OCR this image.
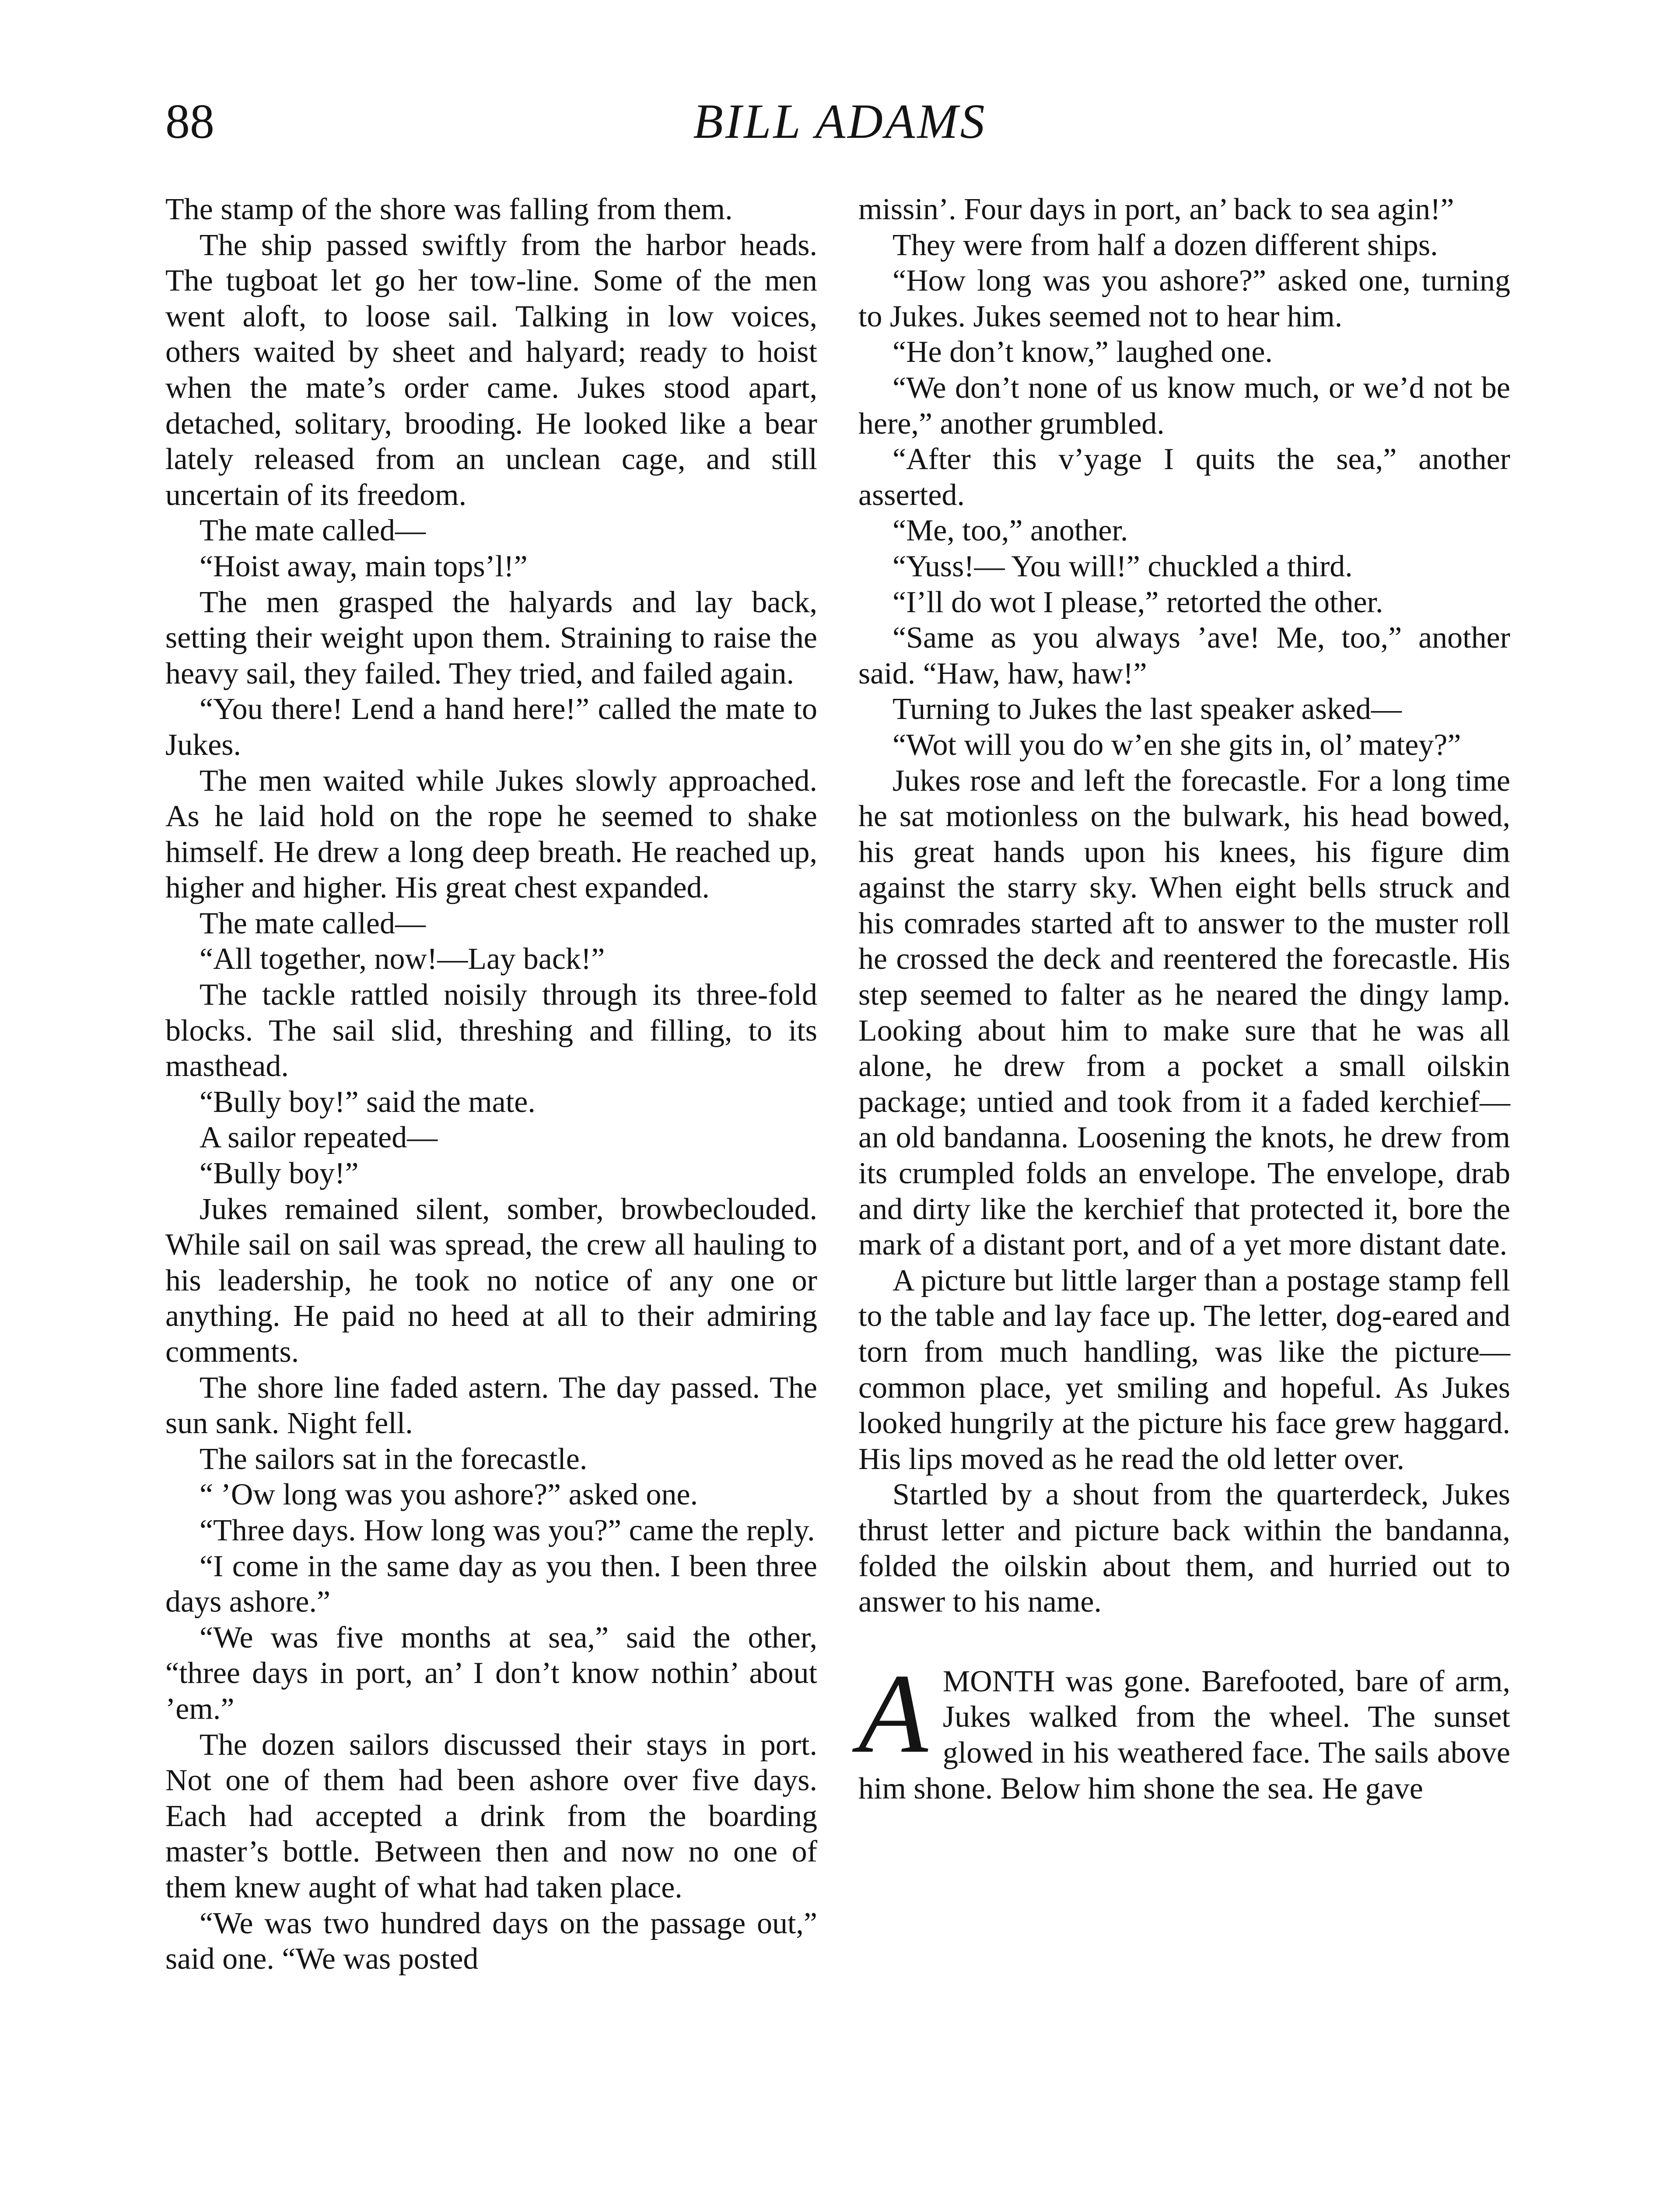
88	BILL ADAMS

The stamp of the shore was falling from them.

The ship passed swiftly from the harbor heads. The tugboat let go her tow-line. Some of the men went aloft, to loose sail. Talking in low voices, others waited by sheet and halyard; ready to hoist when the mate’s order came. Jukes stood apart, detached, solitary, brooding. He looked like a bear lately released from an unclean cage, and still uncertain of its freedom.

The mate called—

“Hoist away, main tops’l!”

The men grasped the halyards and lay back, setting their weight upon them. Straining to raise the heavy sail, they failed. They tried, and failed again.

“You there! Lend a hand here!” called the mate to Jukes.

The men waited while Jukes slowly approached. As he laid hold on the rope he seemed to shake himself. He drew a long deep breath. He reached up, higher and higher. His great chest expanded.

The mate called—

“All together, now!—Lay back!”

The tackle rattled noisily through its three-fold blocks. The sail slid, threshing and filling, to its masthead.

“Bully boy!” said the mate.

A sailor repeated—

“Bully boy!”

Jukes remained silent, somber, browbeclouded. While sail on sail was spread, the crew all hauling to his leadership, he took no notice of any one or anything. He paid no heed at all to their admiring comments.

The shore line faded astern. The day passed. The sun sank. Night fell.

The sailors sat in the forecastle.

“ ’Ow long was you ashore?” asked one.

“Three days. How long was you?” came the reply.

“I come in the same day as you then. I been three days ashore.”

“We was five months at sea,” said the other, “three days in port, an’ I don’t know nothin’ about ’em.”

The dozen sailors discussed their stays in port. Not one of them had been ashore over five days. Each had accepted a drink from the boarding master’s bottle. Between then and now no one of them knew aught of what had taken place.

“We was two hundred days on the passage out,” said one. “We was posted

missin’. Four days in port, an’ back to sea agin!”

They were from half a dozen different ships.

“How long was you ashore?” asked one, turning to Jukes. Jukes seemed not to hear him.

“He don’t know,” laughed one.

“We don’t none of us know much, or we’d not be here,” another grumbled.

“After this v’yage I quits the sea,” another asserted.

“Me, too,” another.

“Yuss!— You will!” chuckled a third.

“I’ll do wot I please,” retorted the other.

“Same as you always ’ave! Me, too,” another said. “Haw, haw, haw!”

Turning to Jukes the last speaker asked—

“Wot will you do w’en she gits in, ol’ matey?”

Jukes rose and left the forecastle. For a long time he sat motionless on the bulwark, his head bowed, his great hands upon his knees, his figure dim against the starry sky. When eight bells struck and his comrades started aft to answer to the muster roll he crossed the deck and reentered the forecastle. His step seemed to falter as he neared the dingy lamp. Looking about him to make sure that he was all alone, he drew from a pocket a small oilskin package; untied and took from it a faded kerchief—an old bandanna. Loosening the knots, he drew from its crumpled folds an envelope. The envelope, drab and dirty like the kerchief that protected it, bore the mark of a distant port, and of a yet more distant date.

A picture but little larger than a postage stamp fell to the table and lay face up. The letter, dog-eared and torn from much handling, was like the picture—common place, yet smiling and hopeful. As Jukes looked hungrily at the picture his face grew haggard. His lips moved as he read the old letter over.

Startled by a shout from the quarterdeck, Jukes thrust letter and picture back within the bandanna, folded the oilskin about them, and hurried out to answer to his name.

AMONTH was gone. Barefooted, bare of arm, Jukes walked from the wheel. The sunset glowed in his weathered face. The sails above him shone. Below him shone the sea. He gave
